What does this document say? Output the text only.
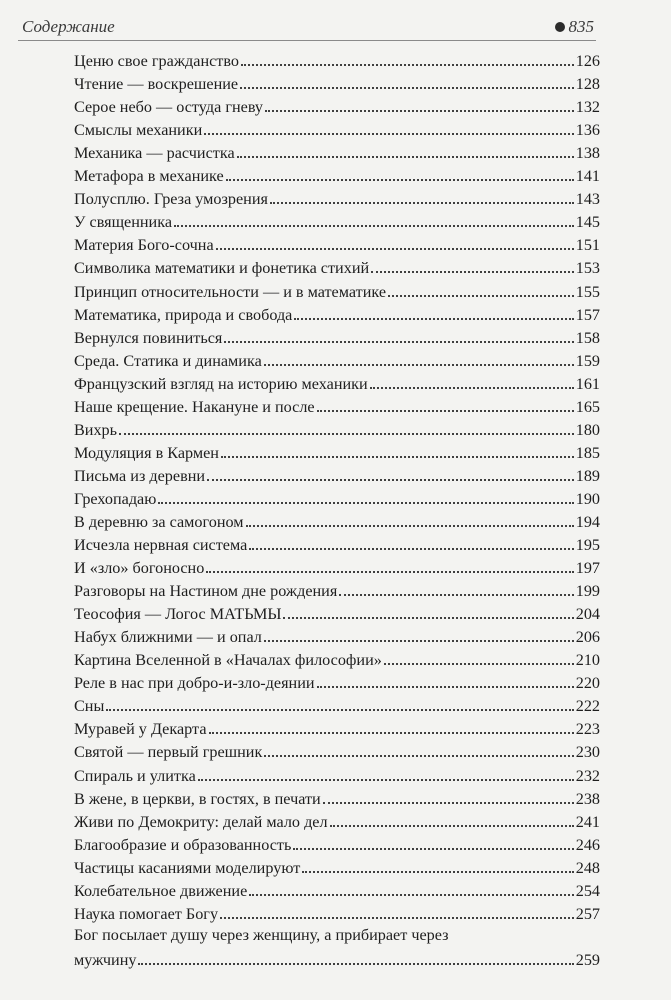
Содержание	835
Ценю свое гражданство	126
Чтение — воскрешение	128
Серое небо — остуда гневу	132
Смыслы механики	136
Механика — расчистка	138
Метафора в механике	141
Полусплю. Греза умозрения	143
У священника	145
Материя Бого-сочна	151
Символика математики и фонетика стихий	153
Принцип относительности — и в математике	155
Математика, природа и свобода	157
Вернулся повиниться	158
Среда. Статика и динамика	159
Французский взгляд на историю механики	161
Наше крещение. Накануне и после	165
Вихрь	180
Модуляция в Кармен	185
Письма из деревни	189
Грехопадаю	190
В деревню за самогоном	194
Исчезла нервная система	195
И «зло» богоносно	197
Разговоры на Настином дне рождения	199
Теософия — Логос МАТЬМЫ	204
Набух ближними — и опал	206
Картина Вселенной в «Началах философии»	210
Реле в нас при добро-и-зло-деянии	220
Сны	222
Муравей у Декарта	223
Святой — первый грешник	230
Спираль и улитка	232
В жене, в церкви, в гостях, в печати	238
Живи по Демокриту: делай мало дел	241
Благообразие и образованность	246
Частицы касаниями моделируют	248
Колебательное движение	254
Наука помогает Богу	257
Бог посылает душу через женщину, а прибирает через
мужчину	259
